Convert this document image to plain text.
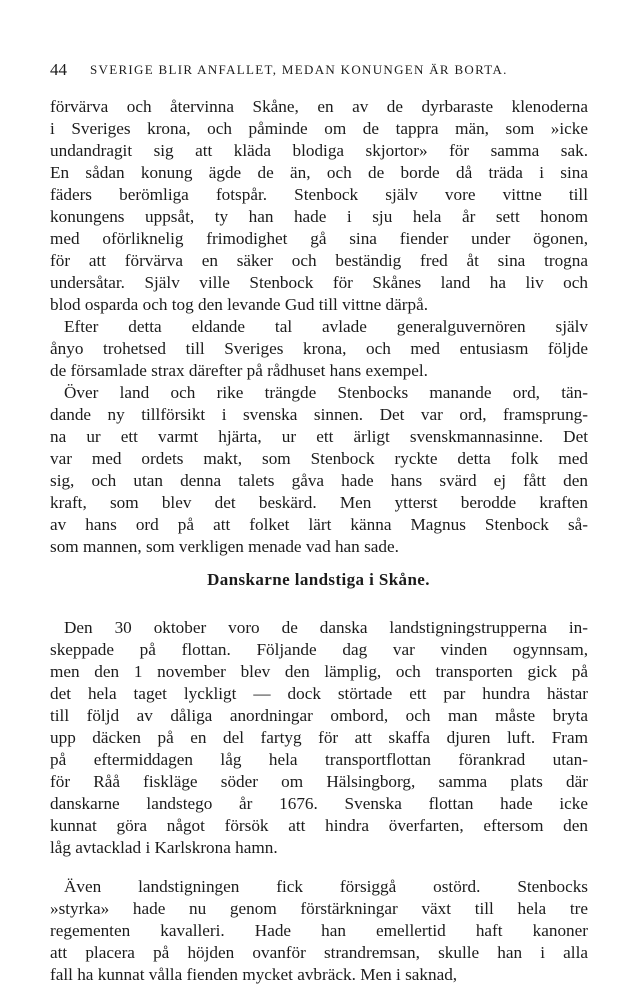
44 SVERIGE BLIR ANFALLET, MEDAN KONUNGEN ÄR BORTA.

förvärva och återvinna Skåne, en av de dyrbaraste klenoderna
i Sveriges krona, och påminde om de tappra män, som »icke
undandragit sig att kläda blodiga skjortor» för samma sak.
En sådan konung ägde de än, och de borde då träda i sina
fäders berömliga fotspår. Stenbock själv vore vittne till
konungens uppsåt, ty han hade i sju hela år sett honom
med oförliknelig frimodighet gå sina fiender under ögonen,
för att förvärva en säker och beständig fred åt sina trogna
undersåtar. Själv ville Stenbock för Skånes land ha liv och
blod osparda och tog den levande Gud till vittne därpå.

Efter detta eldande tal avlade generalguvernören själv
ånyo trohetsed till Sveriges krona, och med entusiasm följde
de församlade strax därefter på rådhuset hans exempel.

Över land och rike trängde Stenbocks manande ord, tän-
dande ny tillförsikt i svenska sinnen. Det var ord, framsprung-
na ur ett varmt hjärta, ur ett ärligt svenskmannasinne. Det
var med ordets makt, som Stenbock ryckte detta folk med
sig, och utan denna talets gåva hade hans svärd ej fått den
kraft, som blev det beskärd. Men ytterst berodde kraften
av hans ord på att folket lärt känna Magnus Stenbock så-
som mannen, som verkligen menade vad han sade.

Danskarne landstiga i Skåne.

Den 30 oktober voro de danska landstigningstrupperna in-
skeppade på flottan. Följande dag var vinden ogynnsam,
men den 1 november blev den lämplig, och transporten gick på
det hela taget lyckligt — dock störtade ett par hundra hästar
till följd av dåliga anordningar ombord, och man måste bryta
upp däcken på en del fartyg för att skaffa djuren luft. Fram
på eftermiddagen låg hela transportflottan förankrad utan-
för Råå fiskläge söder om Hälsingborg, samma plats där
danskarne landstego år 1676. Svenska flottan hade icke
kunnat göra något försök att hindra överfarten, eftersom den
låg avtacklad i Karlskrona hamn.

Även landstigningen fick försiggå ostörd. Stenbocks
»styrka» hade nu genom förstärkningar växt till hela tre
regementen kavalleri. Hade han emellertid haft kanoner
att placera på höjden ovanför strandremsan, skulle han i alla
fall ha kunnat vålla fienden mycket avbräck. Men i saknad,
